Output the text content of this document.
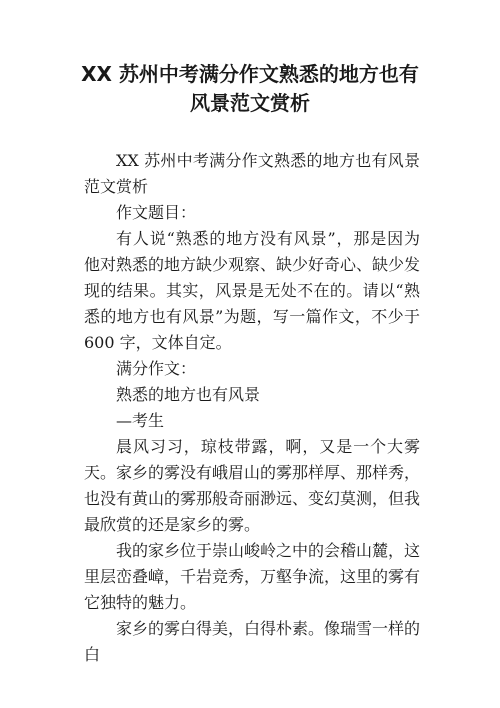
XX 苏州中考满分作文熟悉的地方也有
风景范文赏析

XX 苏州中考满分作文熟悉的地方也有风景范文赏析

作文题目：

有人说“熟悉的地方没有风景”，那是因为他对熟悉的地方缺少观察、缺少好奇心、缺少发现的结果。其实，风景是无处不在的。请以“熟悉的地方也有风景”为题，写一篇作文，不少于 600 字，文体自定。

满分作文：

熟悉的地方也有风景

—考生

晨风习习，琼枝带露，啊，又是一个大雾天。家乡的雾没有峨眉山的雾那样厚、那样秀，也没有黄山的雾那般奇丽渺远、变幻莫测，但我最欣赏的还是家乡的雾。

我的家乡位于崇山峻岭之中的会稽山麓，这里层峦叠嶂，千岩竞秀，万壑争流，这里的雾有它独特的魅力。

家乡的雾白得美，白得朴素。像瑞雪一样的白
